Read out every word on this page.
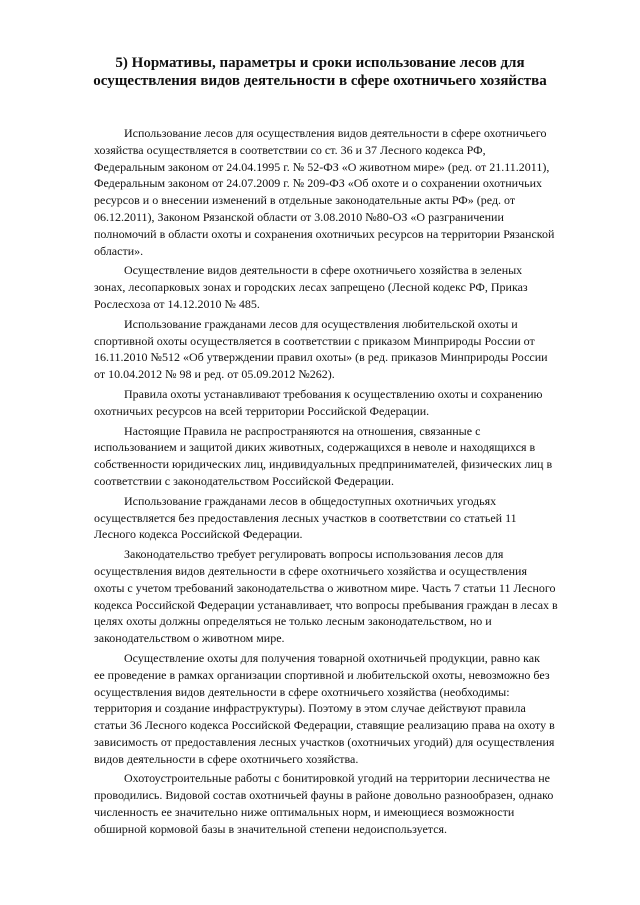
5) Нормативы, параметры и сроки использование лесов для
осуществления видов деятельности в сфере охотничьего хозяйства

Использование лесов для осуществления видов деятельности в сфере охотничьего
хозяйства осуществляется в соответствии со ст. 36 и 37 Лесного кодекса РФ,
Федеральным законом от 24.04.1995 г. № 52-ФЗ «О животном мире» (ред. от 21.11.2011),
Федеральным законом от 24.07.2009 г. № 209-ФЗ «Об охоте и о сохранении охотничьих
ресурсов и о внесении изменений в отдельные законодательные акты РФ» (ред. от
06.12.2011), Законом Рязанской области от 3.08.2010 №80-ОЗ «О разграничении
полномочий в области охоты и сохранения охотничьих ресурсов на территории Рязанской
области».

Осуществление видов деятельности в сфере охотничьего хозяйства в зеленых
зонах, лесопарковых зонах и городских лесах запрещено (Лесной кодекс РФ, Приказ
Рослесхоза от 14.12.2010 № 485.

Использование гражданами лесов для осуществления любительской охоты и
спортивной охоты осуществляется в соответствии с приказом Минприроды России от
16.11.2010 №512 «Об утверждении правил охоты» (в ред. приказов Минприроды России
от 10.04.2012 № 98 и ред. от 05.09.2012 №262).

Правила охоты устанавливают требования к осуществлению охоты и сохранению
охотничьих ресурсов на всей территории Российской Федерации.

Настоящие Правила не распространяются на отношения, связанные с
использованием и защитой диких животных, содержащихся в неволе и находящихся в
собственности юридических лиц, индивидуальных предпринимателей, физических лиц в
соответствии с законодательством Российской Федерации.

Использование гражданами лесов в общедоступных охотничьих угодьях
осуществляется без предоставления лесных участков в соответствии со статьей 11
Лесного кодекса Российской Федерации.

Законодательство требует регулировать вопросы использования лесов для
осуществления видов деятельности в сфере охотничьего хозяйства и осуществления
охоты с учетом требований законодательства о животном мире. Часть 7 статьи 11 Лесного
кодекса Российской Федерации устанавливает, что вопросы пребывания граждан в лесах в
целях охоты должны определяться не только лесным законодательством, но и
законодательством о животном мире.

Осуществление охоты для получения товарной охотничьей продукции, равно как
ее проведение в рамках организации спортивной и любительской охоты, невозможно без
осуществления видов деятельности в сфере охотничьего хозяйства (необходимы:
территория и создание инфраструктуры). Поэтому в этом случае действуют правила
статьи 36 Лесного кодекса Российской Федерации, ставящие реализацию права на охоту в
зависимость от предоставления лесных участков (охотничьих угодий) для осуществления
видов деятельности в сфере охотничьего хозяйства.

Охотоустроительные работы с бонитировкой угодий на территории лесничества не
проводились. Видовой состав охотничьей фауны в районе довольно разнообразен, однако
численность ее значительно ниже оптимальных норм, и имеющиеся возможности
обширной кормовой базы в значительной степени недоиспользуется.
